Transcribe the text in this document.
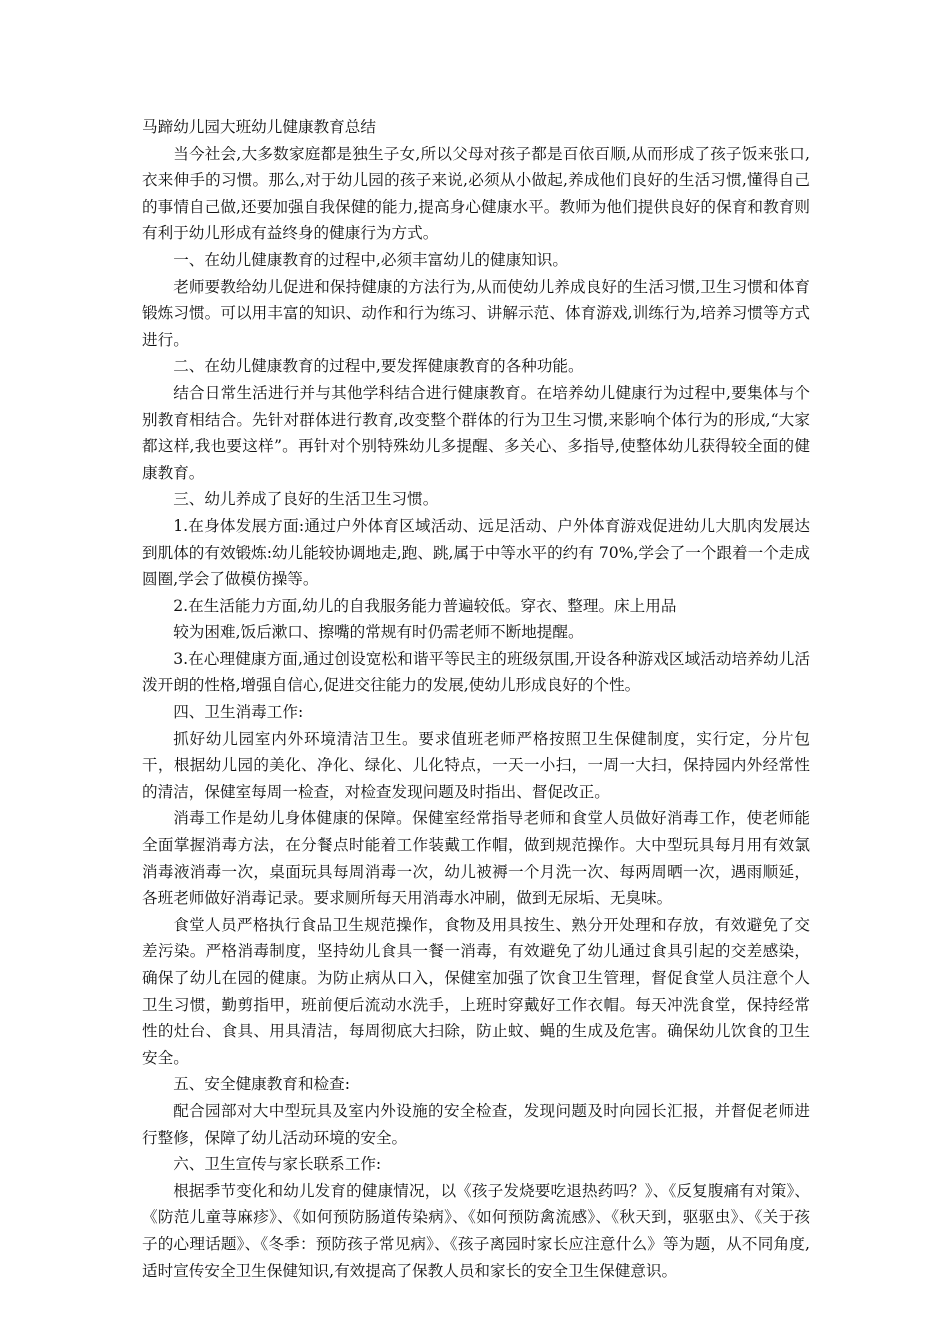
马蹄幼儿园大班幼儿健康教育总结

当今社会,大多数家庭都是独生子女,所以父母对孩子都是百依百顺,从而形成了孩子饭来张口,衣来伸手的习惯。那么,对于幼儿园的孩子来说,必须从小做起,养成他们良好的生活习惯,懂得自己的事情自己做,还要加强自我保健的能力,提高身心健康水平。教师为他们提供良好的保育和教育则有利于幼儿形成有益终身的健康行为方式。

一、在幼儿健康教育的过程中,必须丰富幼儿的健康知识。

老师要教给幼儿促进和保持健康的方法行为,从而使幼儿养成良好的生活习惯,卫生习惯和体育锻炼习惯。可以用丰富的知识、动作和行为练习、讲解示范、体育游戏,训练行为,培养习惯等方式进行。

二、在幼儿健康教育的过程中,要发挥健康教育的各种功能。

结合日常生活进行并与其他学科结合进行健康教育。在培养幼儿健康行为过程中,要集体与个别教育相结合。先针对群体进行教育,改变整个群体的行为卫生习惯,来影响个体行为的形成,“大家都这样,我也要这样”。再针对个别特殊幼儿多提醒、多关心、多指导,使整体幼儿获得较全面的健康教育。

三、幼儿养成了良好的生活卫生习惯。

1.在身体发展方面:通过户外体育区域活动、远足活动、户外体育游戏促进幼儿大肌肉发展达到肌体的有效锻炼:幼儿能较协调地走,跑、跳,属于中等水平的约有 70%,学会了一个跟着一个走成圆圈,学会了做模仿操等。

2.在生活能力方面,幼儿的自我服务能力普遍较低。穿衣、整理。床上用品

较为困难,饭后漱口、擦嘴的常规有时仍需老师不断地提醒。

3.在心理健康方面,通过创设宽松和谐平等民主的班级氛围,开设各种游戏区域活动培养幼儿活泼开朗的性格,增强自信心,促进交往能力的发展,使幼儿形成良好的个性。

四、卫生消毒工作:

抓好幼儿园室内外环境清洁卫生。要求值班老师严格按照卫生保健制度，实行定，分片包干，根据幼儿园的美化、净化、绿化、儿化特点，一天一小扫，一周一大扫，保持园内外经常性的清洁，保健室每周一检查，对检查发现问题及时指出、督促改正。

消毒工作是幼儿身体健康的保障。保健室经常指导老师和食堂人员做好消毒工作，使老师能全面掌握消毒方法，在分餐点时能着工作装戴工作帽，做到规范操作。大中型玩具每月用有效氯消毒液消毒一次，桌面玩具每周消毒一次，幼儿被褥一个月洗一次、每两周晒一次，遇雨顺延，各班老师做好消毒记录。要求厕所每天用消毒水冲刷，做到无尿垢、无臭味。

食堂人员严格执行食品卫生规范操作，食物及用具按生、熟分开处理和存放，有效避免了交差污染。严格消毒制度，坚持幼儿食具一餐一消毒，有效避免了幼儿通过食具引起的交差感染，确保了幼儿在园的健康。为防止病从口入，保健室加强了饮食卫生管理，督促食堂人员注意个人卫生习惯，勤剪指甲，班前便后流动水洗手，上班时穿戴好工作衣帽。每天冲洗食堂，保持经常性的灶台、食具、用具清洁，每周彻底大扫除，防止蚊、蝇的生成及危害。确保幼儿饮食的卫生安全。

五、安全健康教育和检查:

配合园部对大中型玩具及室内外设施的安全检查，发现问题及时向园长汇报，并督促老师进行整修，保障了幼儿活动环境的安全。

六、卫生宣传与家长联系工作:

根据季节变化和幼儿发育的健康情况，以《孩子发烧要吃退热药吗？》、《反复腹痛有对策》、《防范儿童荨麻疹》、《如何预防肠道传染病》、《如何预防禽流感》、《秋天到，驱驱虫》、《关于孩子的心理话题》、《冬季：预防孩子常见病》、《孩子离园时家长应注意什么》等为题，从不同角度,适时宣传安全卫生保健知识,有效提高了保教人员和家长的安全卫生保健意识。
